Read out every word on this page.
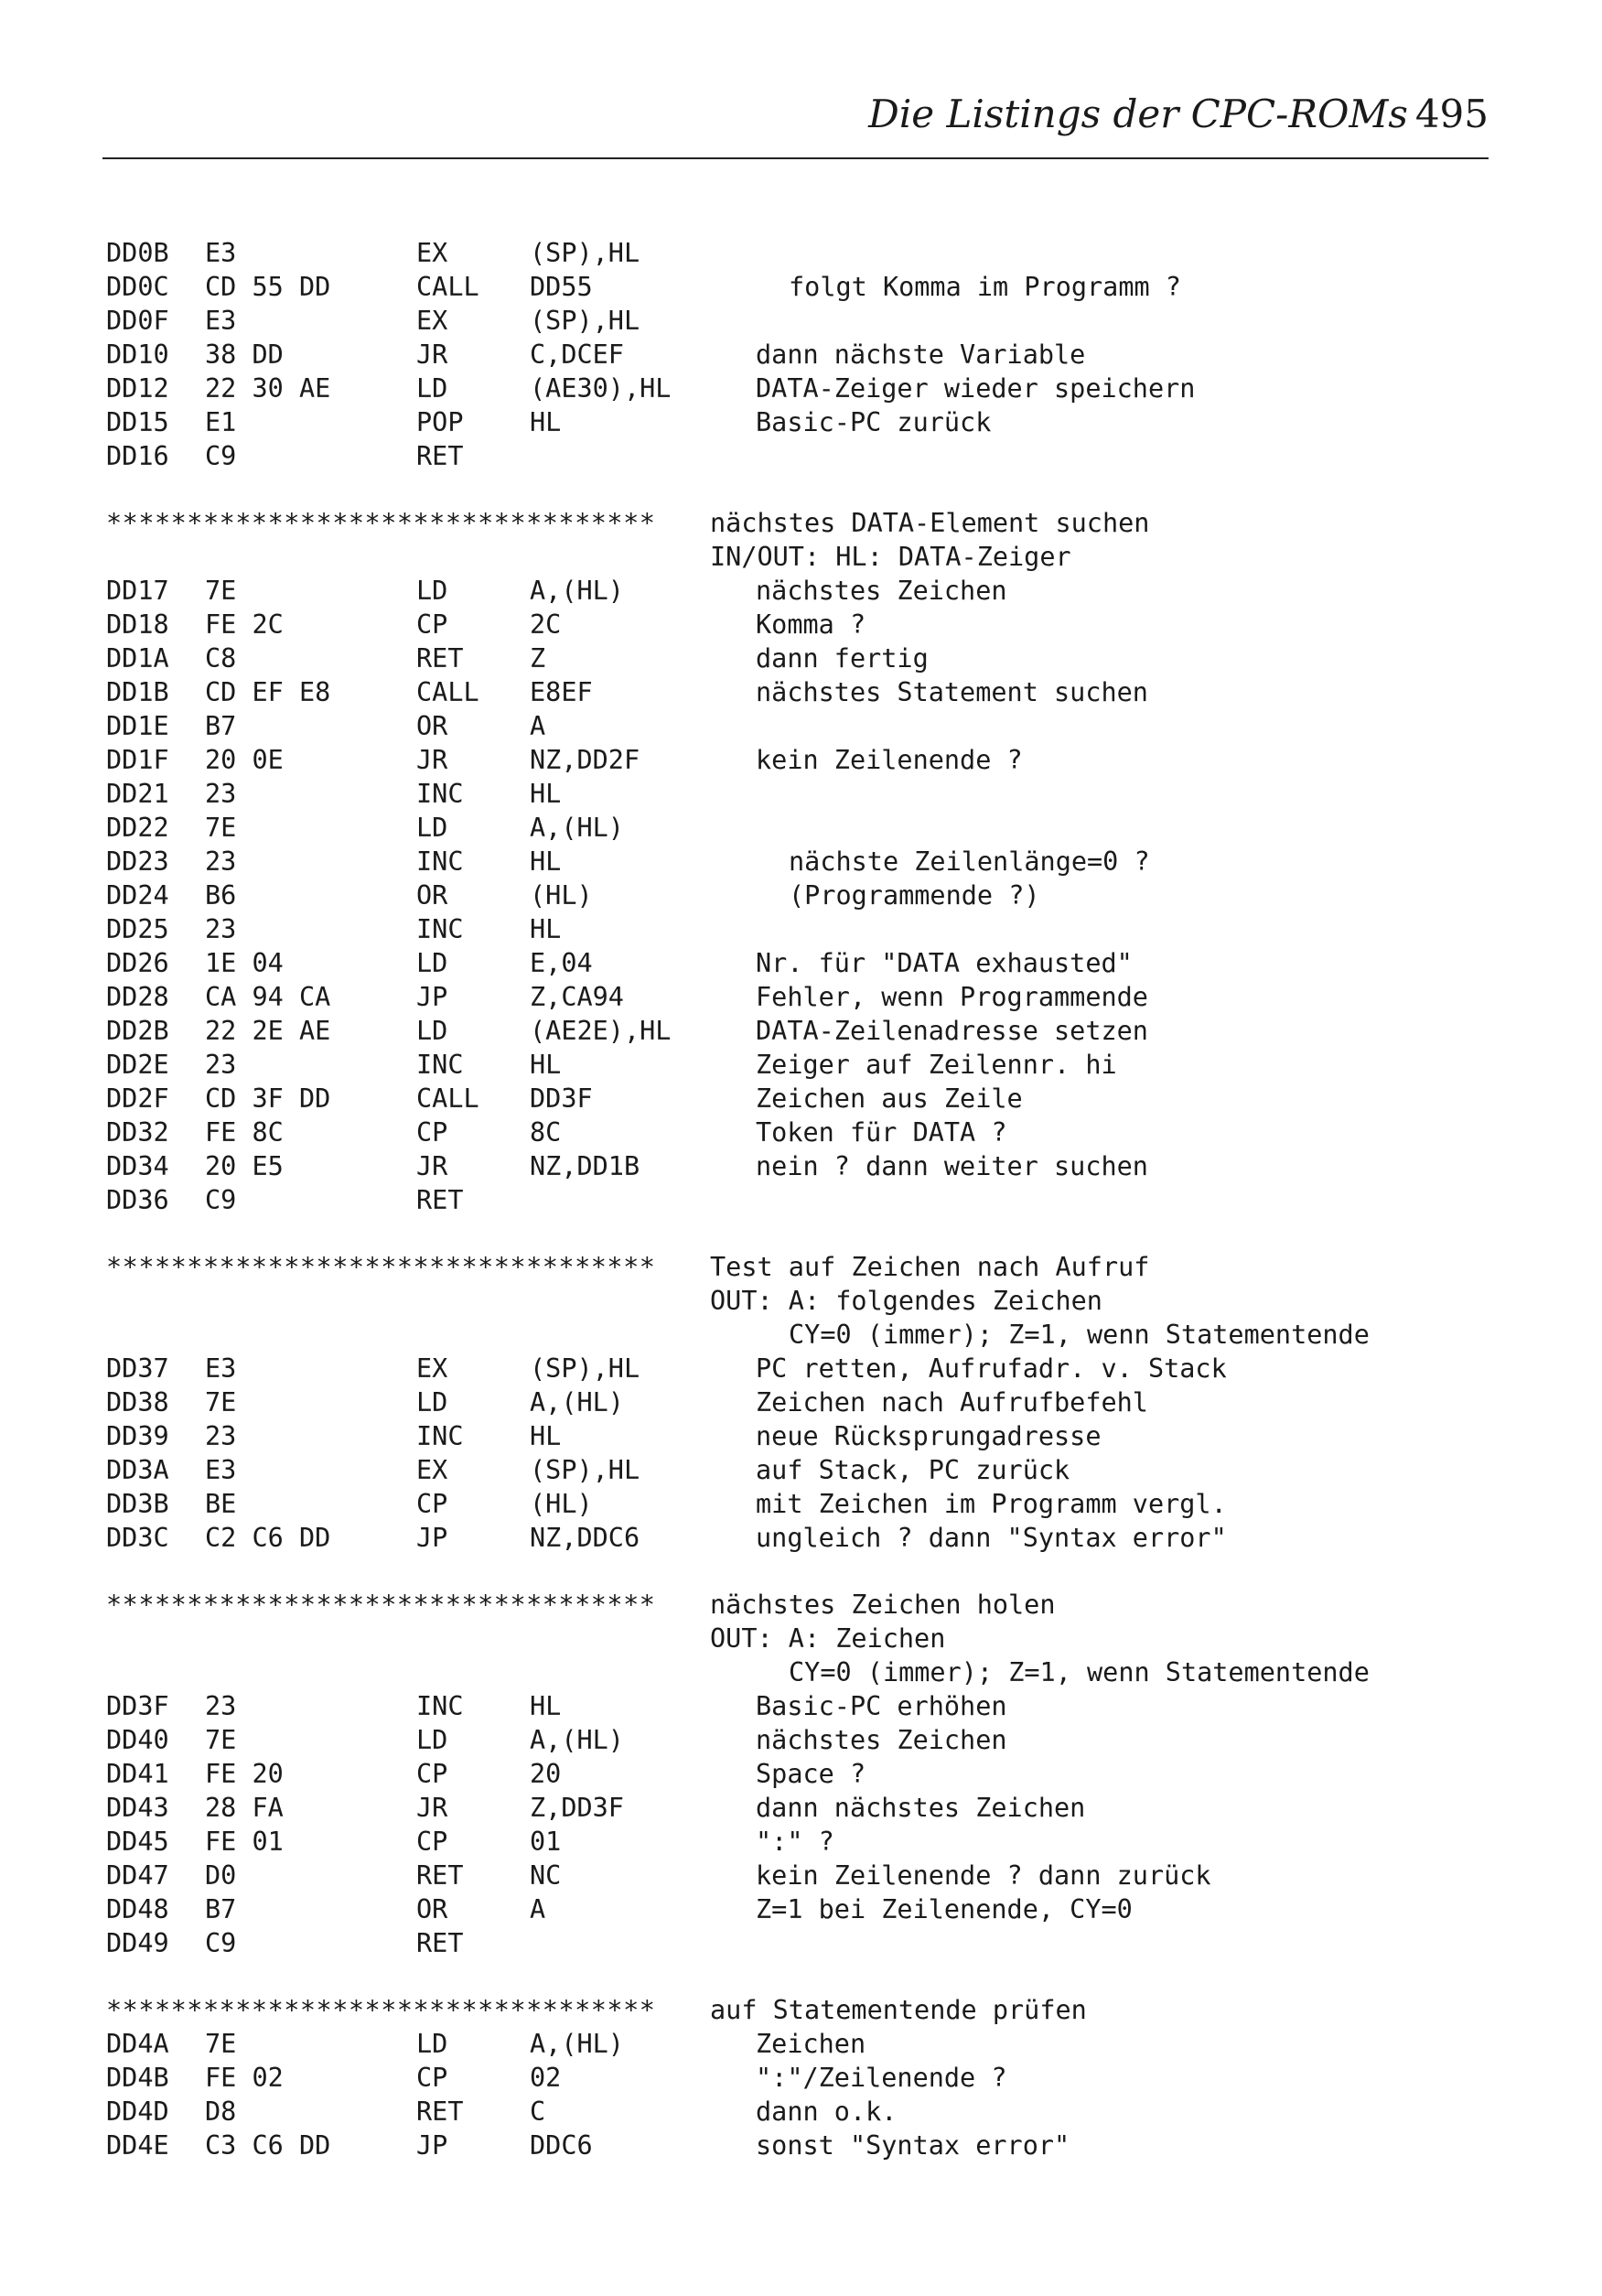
Die Listings der CPC-ROMs 495
DD0B E3	EX	(SP),HL
DD0C CD 55 DD	CALL DD55	folgt Komma im Programm ?
DD0F E3	EX	(SP),HL
DD10 38 DD	JR	C,DCEF	dann nächste Variable
DD12 22 30 AE	LD	(AE30),HL	DATA-Zeiger wieder speichern
DD15 E1	POP	HL	Basic-PC zurück
DD16 C9	RET
********************************** nächstes DATA-Element suchen
IN/OUT: HL: DATA-Zeiger
DD17 7E	LD	A,(HL)	nächstes Zeichen
DD18 FE 2C	CP	2C	Komma ?
DD1A C8	RET	Z	dann fertig
DD1B CD EF E8	CALL E8EF	nächstes Statement suchen
DD1E B7	OR	A
DD1F 20 0E	JR	NZ,DD2F	kein Zeilenende ?
DD21 23	INC	HL
DD22 7E	LD	A,(HL)
DD23 23	INC	HL	nächste Zeilenlänge=0 ?
DD24 B6	OR	(HL)	(Programmende ?)
DD25 23	INC	HL
DD26 1E 04	LD	E,04	Nr. für "DATA exhausted"
DD28 CA 94 CA	JP	Z,CA94	Fehler, wenn Programmende
DD2B 22 2E AE	LD	(AE2E),HL	DATA-Zeilenadresse setzen
DD2E 23	INC	HL	Zeiger auf Zeilennr. hi
DD2F CD 3F DD	CALL DD3F	Zeichen aus Zeile
DD32 FE 8C	CP	8C	Token für DATA ?
DD34 20 E5	JR	NZ,DD1B	nein ? dann weiter suchen
DD36 C9	RET
********************************** Test auf Zeichen nach Aufruf
OUT: A: folgendes Zeichen
CY=0 (immer); Z=1, wenn Statementende
DD37 E3	EX	(SP),HL	PC retten, Aufrufadr. v. Stack
DD38 7E	LD	A,(HL)	Zeichen nach Aufrufbefehl
DD39 23	INC	HL	neue Rücksprungadresse
DD3A E3	EX	(SP),HL	auf Stack, PC zurück
DD3B BE	CP	(HL)	mit Zeichen im Programm vergl.
DD3C C2 C6 DD	JP	NZ,DDC6	ungleich ? dann "Syntax error"
********************************** nächstes Zeichen holen
OUT: A: Zeichen
CY=0 (immer); Z=1, wenn Statementende
DD3F 23	INC	HL	Basic-PC erhöhen
DD40 7E	LD	A,(HL)	nächstes Zeichen
DD41 FE 20	CP	20	Space ?
DD43 28 FA	JR	Z,DD3F	dann nächstes Zeichen
DD45 FE 01	CP	01	":" ?
DD47 D0	RET	NC	kein Zeilenende ? dann zurück
DD48 B7	OR	A	Z=1 bei Zeilenende, CY=0
DD49 C9	RET
********************************** auf Statementende prüfen
DD4A 7E	LD	A,(HL)	Zeichen
DD4B FE 02	CP	02	":"/Zeilenende ?
DD4D D8	RET	C	dann o.k.
DD4E C3 C6 DD	JP	DDC6	sonst "Syntax error"
